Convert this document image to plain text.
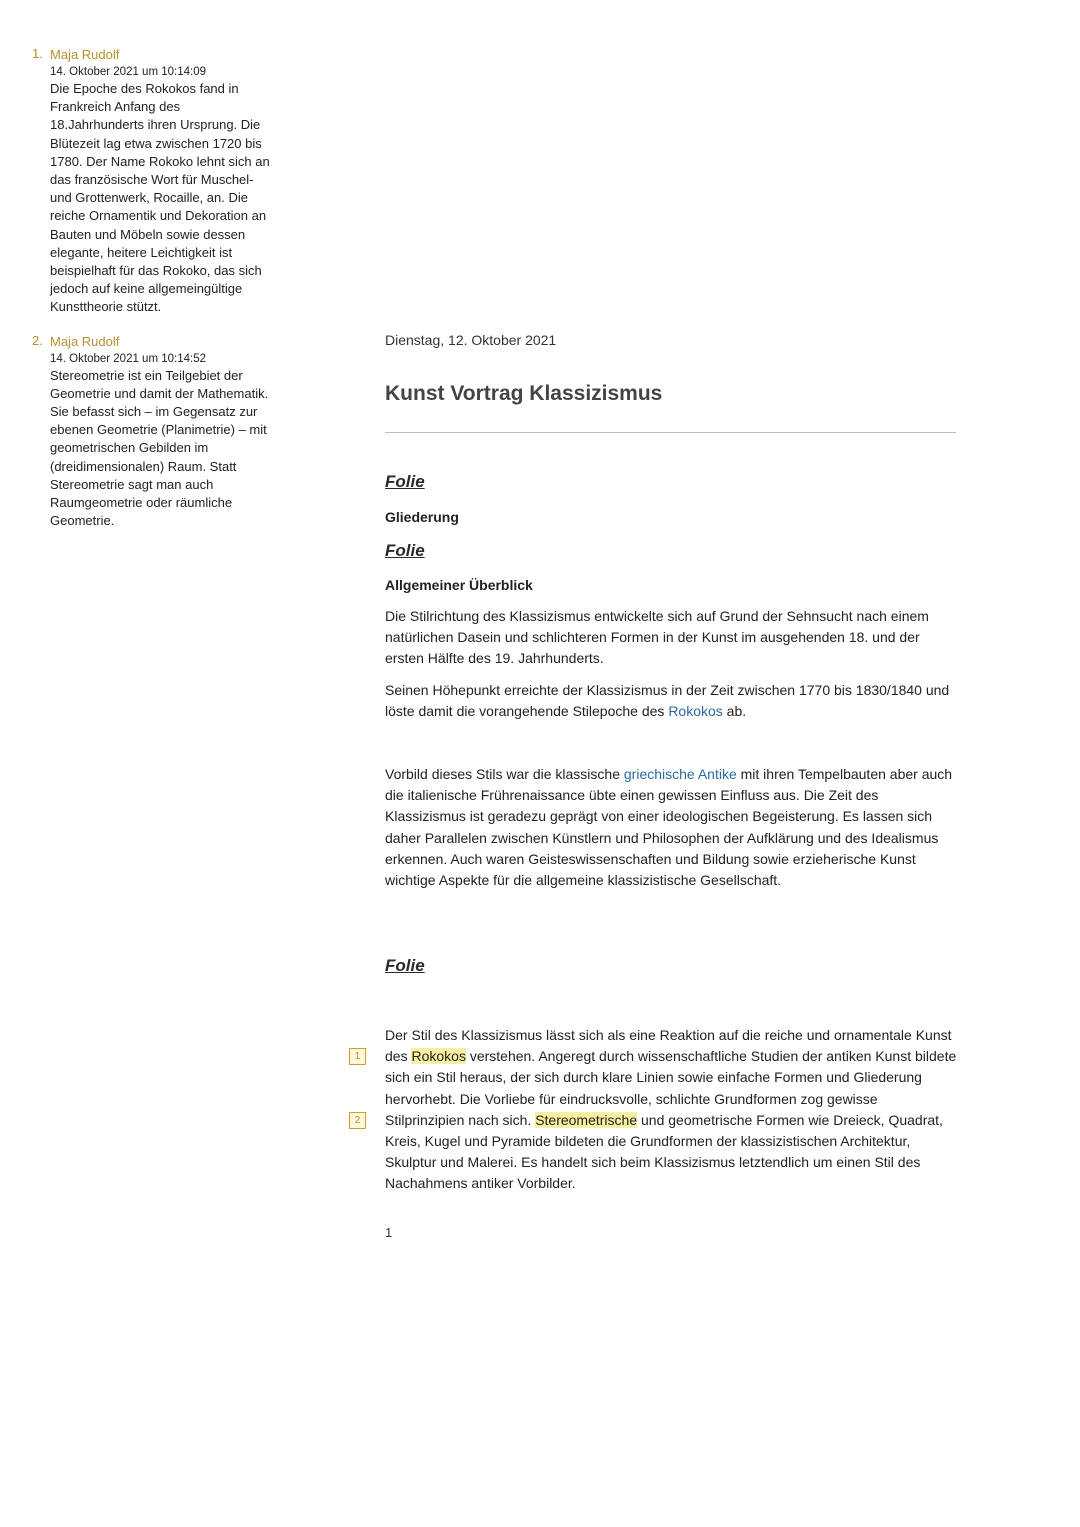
1. Maja Rudolf
14. Oktober 2021 um 10:14:09
Die Epoche des Rokokos fand in Frankreich Anfang des 18.Jahrhunderts ihren Ursprung. Die Blütezeit lag etwa zwischen 1720 bis 1780. Der Name Rokoko lehnt sich an das französische Wort für Muschel- und Grottenwerk, Rocaille, an. Die reiche Ornamentik und Dekoration an Bauten und Möbeln sowie dessen elegante, heitere Leichtigkeit ist beispielhaft für das Rokoko, das sich jedoch auf keine allgemeingültige Kunsttheorie stützt.
2. Maja Rudolf
14. Oktober 2021 um 10:14:52
Stereometrie ist ein Teilgebiet der Geometrie und damit der Mathematik. Sie befasst sich – im Gegensatz zur ebenen Geometrie (Planimetrie) – mit geometrischen Gebilden im (dreidimensionalen) Raum. Statt Stereometrie sagt man auch Raumgeometrie oder räumliche Geometrie.
Dienstag, 12. Oktober 2021
Kunst Vortrag Klassizismus
Folie
Gliederung
Folie
Allgemeiner Überblick

Die Stilrichtung des Klassizismus entwickelte sich auf Grund der Sehnsucht nach einem natürlichen Dasein und schlichteren Formen in der Kunst im ausgehenden 18. und der ersten Hälfte des 19. Jahrhunderts.

Seinen Höhepunkt erreichte der Klassizismus in der Zeit zwischen 1770 bis 1830/1840 und löste damit die vorangehende Stilepoche des Rokokos ab.

Vorbild dieses Stils war die klassische griechische Antike mit ihren Tempelbauten aber auch die italienische Frührenaissance übte einen gewissen Einfluss aus. Die Zeit des Klassizismus ist geradezu geprägt von einer ideologischen Begeisterung. Es lassen sich daher Parallelen zwischen Künstlern und Philosophen der Aufklärung und des Idealismus erkennen. Auch waren Geisteswissenschaften und Bildung sowie erzieherische Kunst wichtige Aspekte für die allgemeine klassizistische Gesellschaft.

Folie
1
2

Der Stil des Klassizismus lässt sich als eine Reaktion auf die reiche und ornamentale Kunst des Rokokos verstehen. Angeregt durch wissenschaftliche Studien der antiken Kunst bildete sich ein Stil heraus, der sich durch klare Linien sowie einfache Formen und Gliederung hervorhebt. Die Vorliebe für eindrucksvolle, schlichte Grundformen zog gewisse Stilprinzipien nach sich. Stereometrische und geometrische Formen wie Dreieck, Quadrat, Kreis, Kugel und Pyramide bildeten die Grundformen der klassizistischen Architektur, Skulptur und Malerei. Es handelt sich beim Klassizismus letztendlich um einen Stil des Nachahmens antiker Vorbilder.

1
